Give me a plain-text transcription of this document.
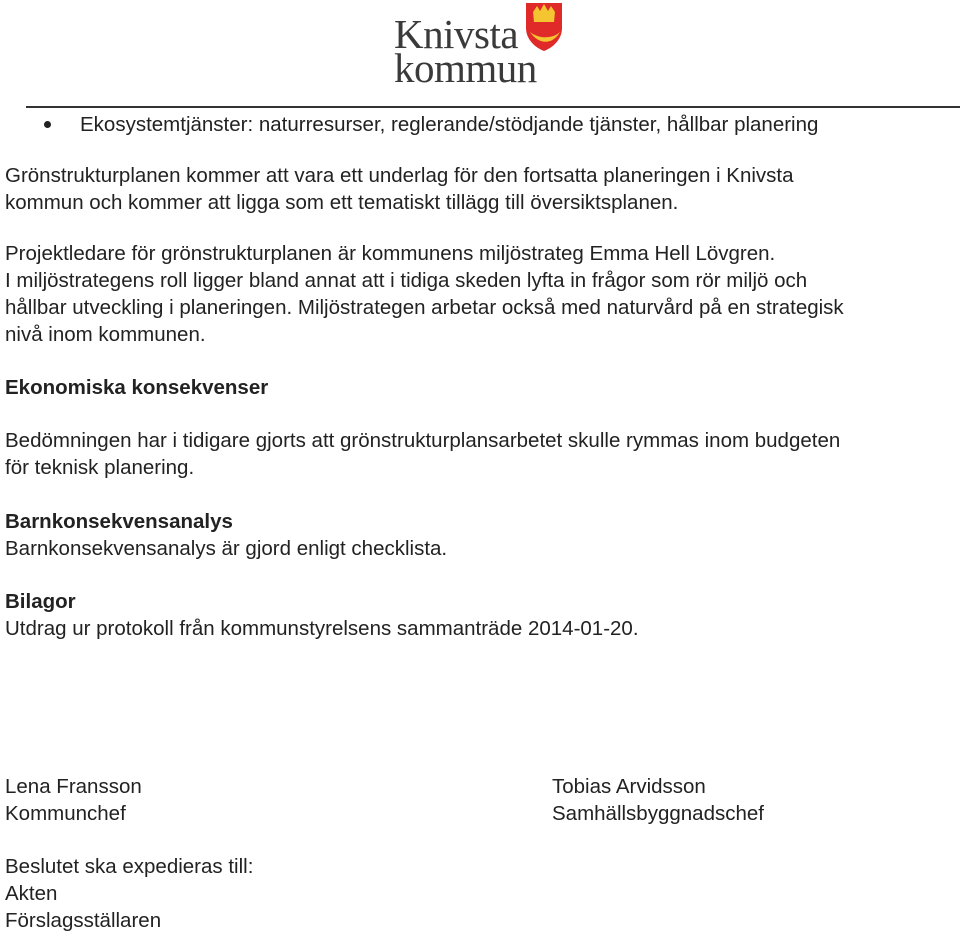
Knivsta
kommun

Ekosystemtjänster: naturresurser, reglerande/stödjande tjänster, hållbar planering

Grönstrukturplanen kommer att vara ett underlag för den fortsatta planeringen i Knivsta

kommun och kommer att ligga som ett tematiskt tillägg till översiktsplanen.

Projektledare för grönstrukturplanen är kommunens miljöstrateg Emma Hell Lövgren.

I miljöstrategens roll ligger bland annat att i tidiga skeden lyfta in frågor som rör miljö och

hållbar utveckling i planeringen. Miljöstrategen arbetar också med naturvård på en strategisk

nivå inom kommunen.

Ekonomiska konsekvenser

Bedömningen har i tidigare gjorts att grönstrukturplansarbetet skulle rymmas inom budgeten

för teknisk planering.

Barnkonsekvensanalys

Barnkonsekvensanalys är gjord enligt checklista.

Bilagor

Utdrag ur protokoll från kommunstyrelsens sammanträde 2014-01-20.

Lena Fransson
Kommunchef
Tobias Arvidsson
Samhällsbyggnadschef
Beslutet ska expedieras till:
Akten
Förslagsställaren
